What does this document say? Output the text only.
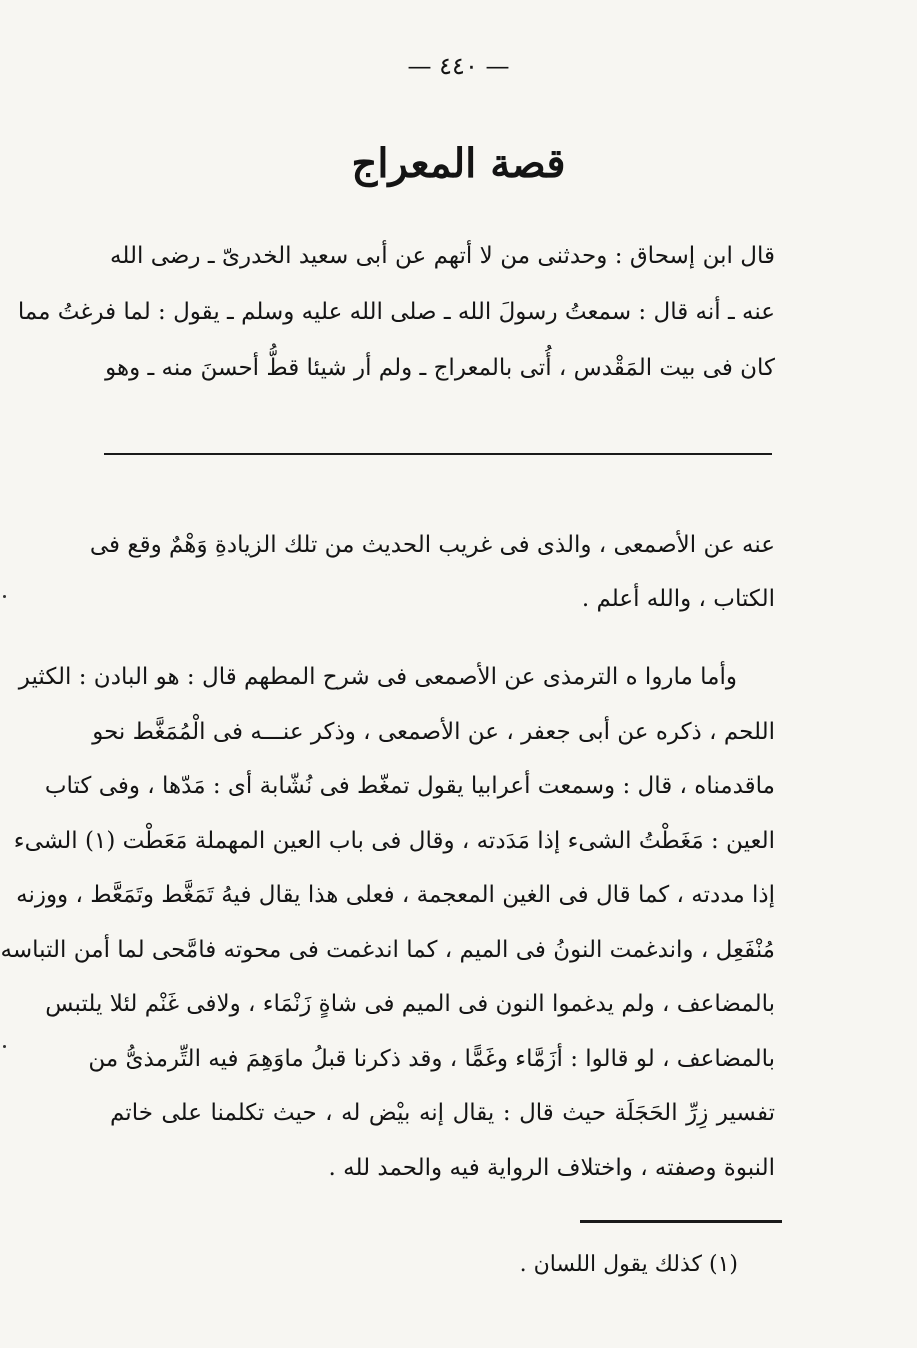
— ٤٤٠ —
قصة المعراج
قال ابن إسحاق : وحدثنى من لا أتهم عن أبى سعيد الخدرىّ ـ رضى الله
عنه ـ أنه قال : سمعتُ رسولَ الله ـ صلى الله عليه وسلم ـ يقول : لما فرغتُ مما
كان فى بيت المَقْدس ، أُتى بالمعراج ـ ولم أر شيئا قطُّ أحسنَ منه ـ وهو
عنه عن الأصمعى ، والذى فى غريب الحديث من تلك الزيادةِ وَهْمٌ وقع فى
الكتاب ، والله أعلم .
وأما ماروا ه الترمذى عن الأصمعى فى شرح المطهم قال : هو البادن : الكثير
اللحم ، ذكره عن أبى جعفر ، عن الأصمعى ، وذكر عنـــه فى الْمُمَغَّط نحو
ماقدمناه ، قال : وسمعت أعرابيا يقول تمغّط فى نُشّابة أى : مَدّها ، وفى كتاب
العين : مَغَطْتُ الشىء إذا مَدَدته ، وقال فى باب العين المهملة مَعَطْت (١) الشىء
إذا مددته ، كما قال فى الغين المعجمة ، فعلى هذا يقال فيهُ تَمَغَّط وتَمَعَّط ، ووزنه
مُنْفَعِل ، واندغمت النونُ فى الميم ، كما اندغمت فى محوته فامَّحى لما أمن التباسه
بالمضاعف ، ولم يدغموا النون فى الميم فى شاةٍ زَنْمَاء ، ولافى غَنْم لئلا يلتبس
بالمضاعف ، لو قالوا : أزَمَّاء وغَمًّا ، وقد ذكرنا قبلُ ماوَهِمَ فيه التِّرمذىُّ من
تفسير زِرِّ الحَجَلَة حيث قال : يقال إنه بيْض له ، حيث تكلمنا على خاتم
النبوة وصفته ، واختلاف الرواية فيه والحمد لله .
(١) كذلك يقول اللسان .
